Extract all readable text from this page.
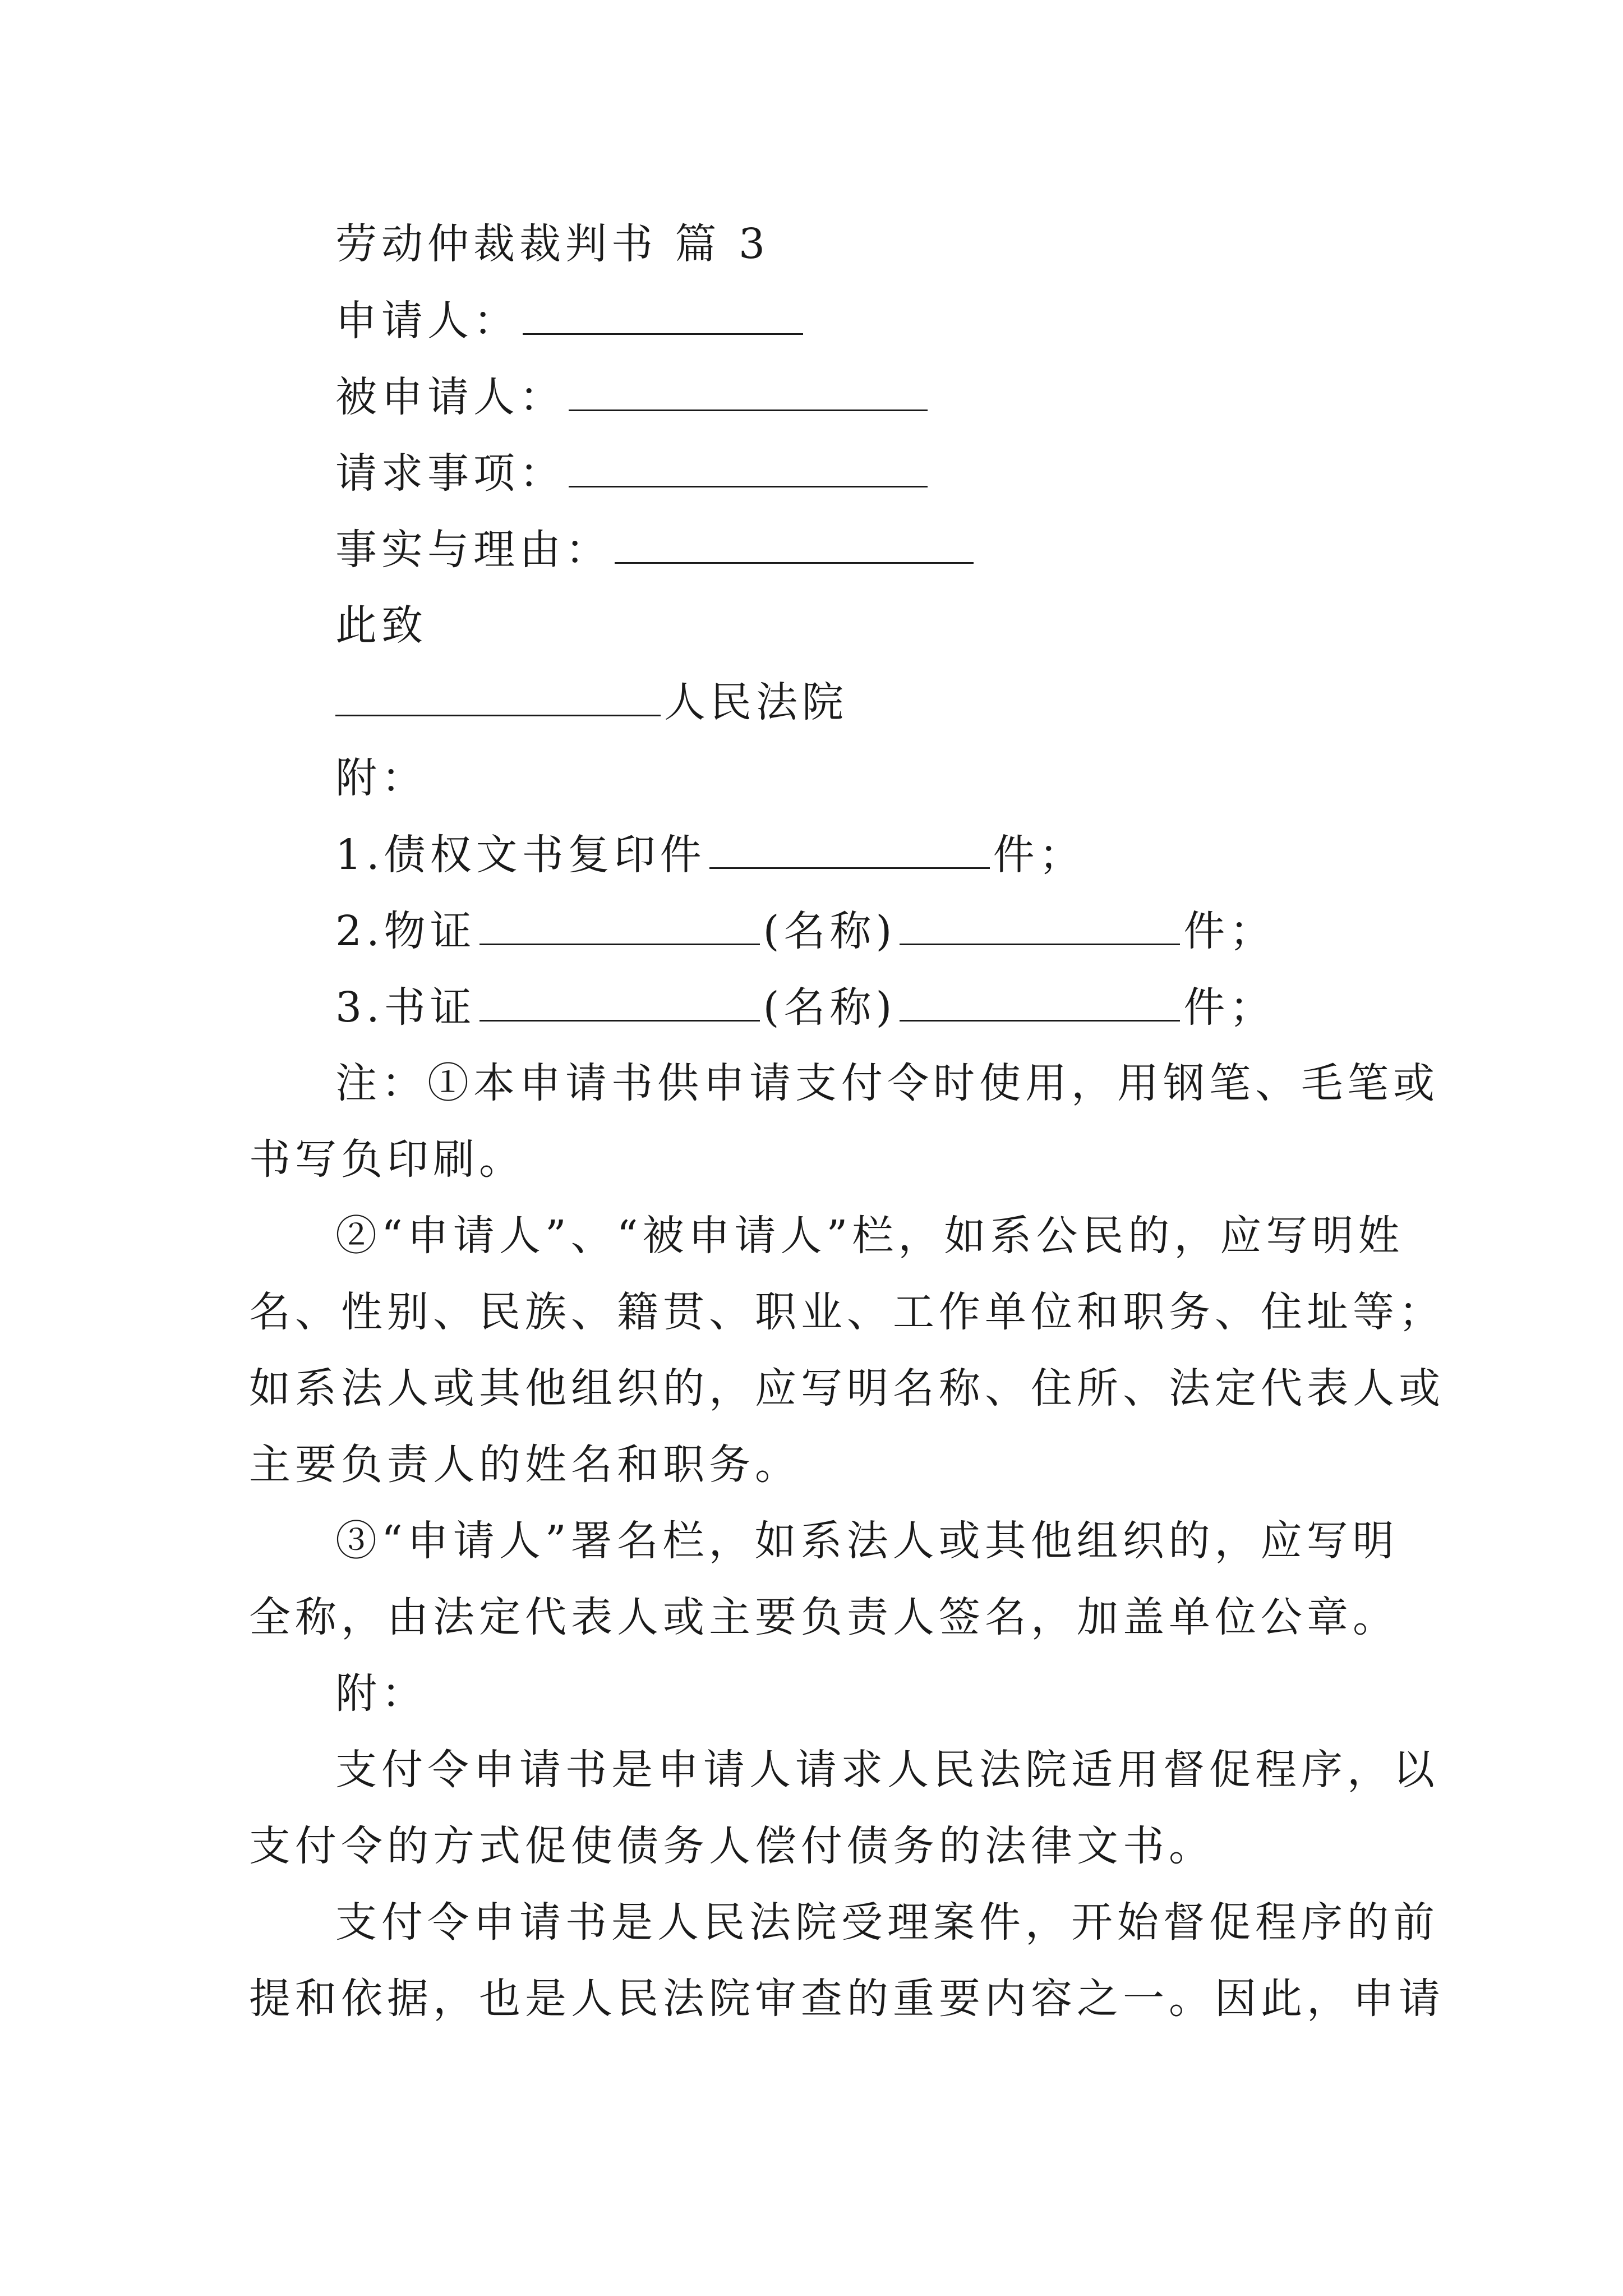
劳动仲裁裁判书 篇 3
申请人：
被申请人：
请求事项：
事实与理由：
此致
人民法院
附：
1.债权文书复印件	件；
2.物证	(名称)	件；
3.书证	(名称)	件；
注：①本申请书供申请支付令时使用，用钢笔、毛笔或
书写负印刷。
②“申请人”、“被申请人”栏，如系公民的，应写明姓
名、性别、民族、籍贯、职业、工作单位和职务、住址等；
如系法人或其他组织的，应写明名称、住所、法定代表人或
主要负责人的姓名和职务。
③“申请人”署名栏，如系法人或其他组织的，应写明
全称，由法定代表人或主要负责人签名，加盖单位公章。
附：
支付令申请书是申请人请求人民法院适用督促程序，以
支付令的方式促使债务人偿付债务的法律文书。
支付令申请书是人民法院受理案件，开始督促程序的前
提和依据，也是人民法院审查的重要内容之一。因此，申请
